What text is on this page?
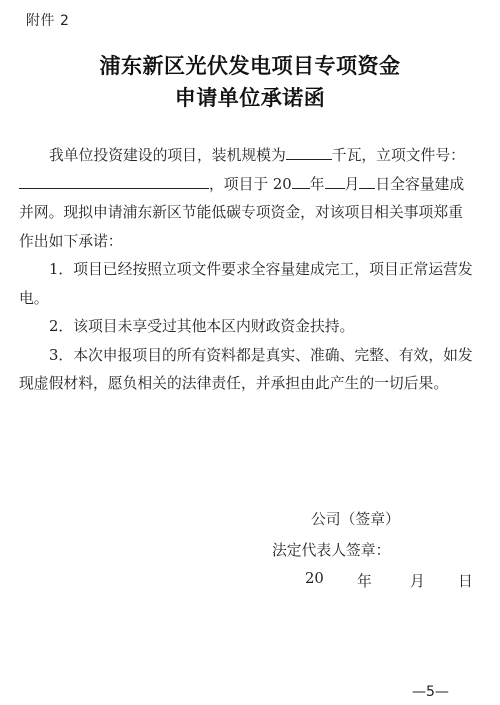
附件 2
浦东新区光伏发电项目专项资金
申请单位承诺函

我单位投资建设的项目，装机规模为	千瓦，立项文件号：，项目于 20 年 月 日全容量建成并网。现拟申请浦东新区节能低碳专项资金，对该项目相关事项郑重作出如下承诺：

1．项目已经按照立项文件要求全容量建成完工，项目正常运营发电。

2．该项目未享受过其他本区内财政资金扶持。

3．本次申报项目的所有资料都是真实、准确、完整、有效，如发现虚假材料，愿负相关的法律责任，并承担由此产生的一切后果。

公司（签章）
法定代表人签章：
20 年	月 日
—5—
